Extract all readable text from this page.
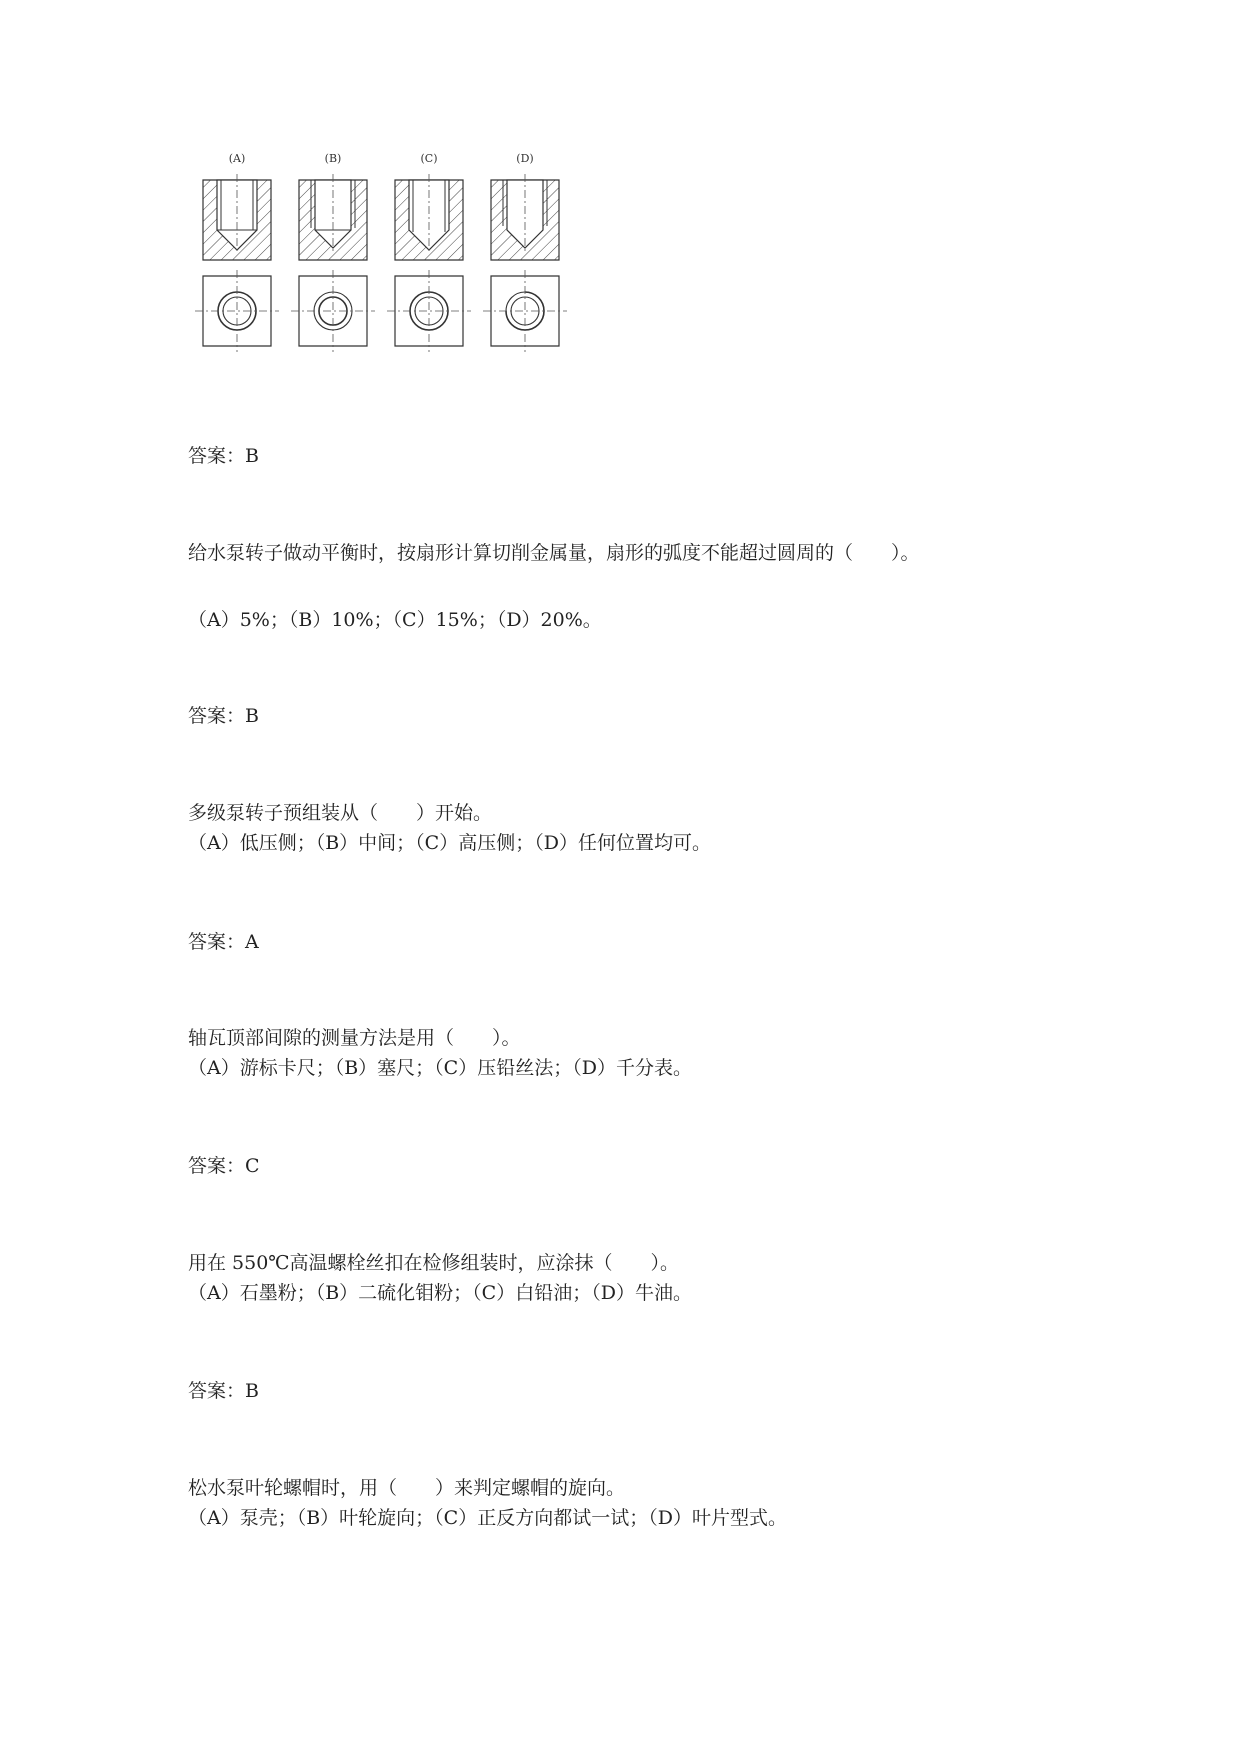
(A)	(B)	(C)	(D)
答案：B
给水泵转子做动平衡时，按扇形计算切削金属量，扇形的弧度不能超过圆周的（　　）。
（A）5%；（B）10%；（C）15%；（D）20%。
答案：B
多级泵转子预组装从（　　）开始。
（A）低压侧；（B）中间；（C）高压侧；（D）任何位置均可。
答案：A
轴瓦顶部间隙的测量方法是用（　　）。
（A）游标卡尺；（B）塞尺；（C）压铅丝法；（D）千分表。
答案：C
用在 550℃高温螺栓丝扣在检修组装时，应涂抹（　　）。
（A）石墨粉；（B）二硫化钼粉；（C）白铅油；（D）牛油。
答案：B
松水泵叶轮螺帽时，用（　　）来判定螺帽的旋向。
（A）泵壳；（B）叶轮旋向；（C）正反方向都试一试；（D）叶片型式。
